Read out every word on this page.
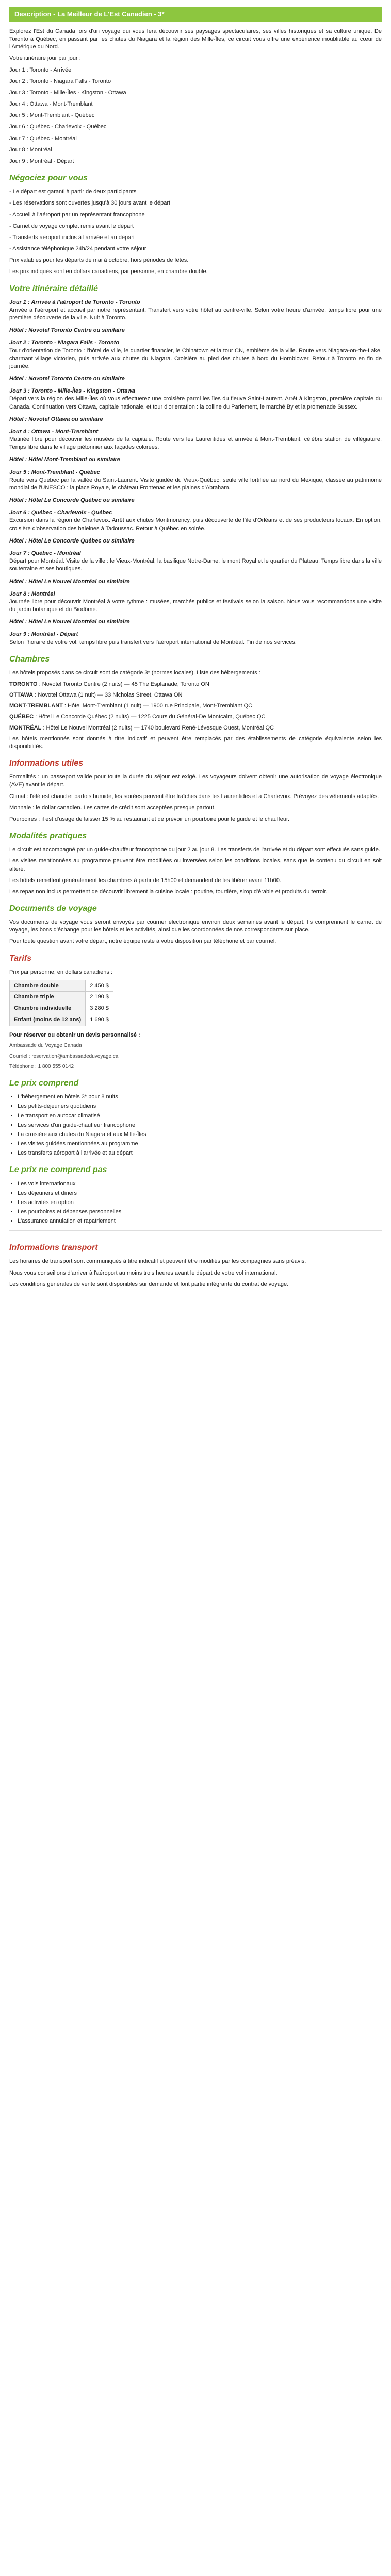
Description - La Meilleur de L'Est Canadien - 3*

Explorez l'Est du Canada lors d'un voyage qui vous fera découvrir ses paysages spectaculaires, ses villes historiques et sa culture unique. De Toronto à Québec, en passant par les chutes du Niagara et la région des Mille-Îles, ce circuit vous offre une expérience inoubliable au cœur de l'Amérique du Nord.

Votre itinéraire jour par jour :

Jour 1 : Toronto - Arrivée

Jour 2 : Toronto - Niagara Falls - Toronto

Jour 3 : Toronto - Mille-Îles - Kingston - Ottawa

Jour 4 : Ottawa - Mont-Tremblant

Jour 5 : Mont-Tremblant - Québec

Jour 6 : Québec - Charlevoix - Québec

Jour 7 : Québec - Montréal

Jour 8 : Montréal

Jour 9 : Montréal - Départ

Négociez pour vous

- Le départ est garanti à partir de deux participants

- Les réservations sont ouvertes jusqu'à 30 jours avant le départ

- Accueil à l'aéroport par un représentant francophone

- Carnet de voyage complet remis avant le départ

- Transferts aéroport inclus à l'arrivée et au départ

- Assistance téléphonique 24h/24 pendant votre séjour

Prix valables pour les départs de mai à octobre, hors périodes de fêtes.

Les prix indiqués sont en dollars canadiens, par personne, en chambre double.

Votre itinéraire détaillé
Jour 1 : Arrivée à l'aéroport de Toronto - Toronto
Arrivée à l'aéroport et accueil par notre représentant. Transfert vers votre hôtel au centre-ville. Selon votre heure d'arrivée, temps libre pour une première découverte de la ville. Nuit à Toronto.
Hôtel : Novotel Toronto Centre ou similaire
Jour 2 : Toronto - Niagara Falls - Toronto
Tour d'orientation de Toronto : l'hôtel de ville, le quartier financier, le Chinatown et la tour CN, emblème de la ville. Route vers Niagara-on-the-Lake, charmant village victorien, puis arrivée aux chutes du Niagara. Croisière au pied des chutes à bord du Hornblower. Retour à Toronto en fin de journée.
Hôtel : Novotel Toronto Centre ou similaire
Jour 3 : Toronto - Mille-Îles - Kingston - Ottawa
Départ vers la région des Mille-Îles où vous effectuerez une croisière parmi les îles du fleuve Saint-Laurent. Arrêt à Kingston, première capitale du Canada. Continuation vers Ottawa, capitale nationale, et tour d'orientation : la colline du Parlement, le marché By et la promenade Sussex.
Hôtel : Novotel Ottawa ou similaire
Jour 4 : Ottawa - Mont-Tremblant
Matinée libre pour découvrir les musées de la capitale. Route vers les Laurentides et arrivée à Mont-Tremblant, célèbre station de villégiature. Temps libre dans le village piétonnier aux façades colorées.
Hôtel : Hôtel Mont-Tremblant ou similaire
Jour 5 : Mont-Tremblant - Québec
Route vers Québec par la vallée du Saint-Laurent. Visite guidée du Vieux-Québec, seule ville fortifiée au nord du Mexique, classée au patrimoine mondial de l'UNESCO : la place Royale, le château Frontenac et les plaines d'Abraham.
Hôtel : Hôtel Le Concorde Québec ou similaire
Jour 6 : Québec - Charlevoix - Québec
Excursion dans la région de Charlevoix. Arrêt aux chutes Montmorency, puis découverte de l'île d'Orléans et de ses producteurs locaux. En option, croisière d'observation des baleines à Tadoussac. Retour à Québec en soirée.
Hôtel : Hôtel Le Concorde Québec ou similaire
Jour 7 : Québec - Montréal
Départ pour Montréal. Visite de la ville : le Vieux-Montréal, la basilique Notre-Dame, le mont Royal et le quartier du Plateau. Temps libre dans la ville souterraine et ses boutiques.
Hôtel : Hôtel Le Nouvel Montréal ou similaire
Jour 8 : Montréal
Journée libre pour découvrir Montréal à votre rythme : musées, marchés publics et festivals selon la saison. Nous vous recommandons une visite du jardin botanique et du Biodôme.
Hôtel : Hôtel Le Nouvel Montréal ou similaire
Jour 9 : Montréal - Départ
Selon l'horaire de votre vol, temps libre puis transfert vers l'aéroport international de Montréal. Fin de nos services.
Chambres

Les hôtels proposés dans ce circuit sont de catégorie 3* (normes locales). Liste des hébergements :

TORONTO : Novotel Toronto Centre (2 nuits) — 45 The Esplanade, Toronto ON

OTTAWA : Novotel Ottawa (1 nuit) — 33 Nicholas Street, Ottawa ON

MONT-TREMBLANT : Hôtel Mont-Tremblant (1 nuit) — 1900 rue Principale, Mont-Tremblant QC

QUÉBEC : Hôtel Le Concorde Québec (2 nuits) — 1225 Cours du Général-De Montcalm, Québec QC

MONTRÉAL : Hôtel Le Nouvel Montréal (2 nuits) — 1740 boulevard René-Lévesque Ouest, Montréal QC

Les hôtels mentionnés sont donnés à titre indicatif et peuvent être remplacés par des établissements de catégorie équivalente selon les disponibilités.

Informations utiles

Formalités : un passeport valide pour toute la durée du séjour est exigé. Les voyageurs doivent obtenir une autorisation de voyage électronique (AVE) avant le départ.

Climat : l'été est chaud et parfois humide, les soirées peuvent être fraîches dans les Laurentides et à Charlevoix. Prévoyez des vêtements adaptés.

Monnaie : le dollar canadien. Les cartes de crédit sont acceptées presque partout.

Pourboires : il est d'usage de laisser 15 % au restaurant et de prévoir un pourboire pour le guide et le chauffeur.

Modalités pratiques

Le circuit est accompagné par un guide-chauffeur francophone du jour 2 au jour 8. Les transferts de l'arrivée et du départ sont effectués sans guide.

Les visites mentionnées au programme peuvent être modifiées ou inversées selon les conditions locales, sans que le contenu du circuit en soit altéré.

Les hôtels remettent généralement les chambres à partir de 15h00 et demandent de les libérer avant 11h00.

Les repas non inclus permettent de découvrir librement la cuisine locale : poutine, tourtière, sirop d'érable et produits du terroir.

Documents de voyage

Vos documents de voyage vous seront envoyés par courrier électronique environ deux semaines avant le départ. Ils comprennent le carnet de voyage, les bons d'échange pour les hôtels et les activités, ainsi que les coordonnées de nos correspondants sur place.

Pour toute question avant votre départ, notre équipe reste à votre disposition par téléphone et par courriel.

Tarifs

Prix par personne, en dollars canadiens :

Chambre double	2 450 $
Chambre triple	2 190 $
Chambre individuelle	3 280 $
Enfant (moins de 12 ans)	1 690 $

Pour réserver ou obtenir un devis personnalisé :

Ambassade du Voyage Canada

Courriel : reservation@ambassadeduvoyage.ca

Téléphone : 1 800 555 0142

Le prix comprend
• L'hébergement en hôtels 3* pour 8 nuits
• Les petits-déjeuners quotidiens
• Le transport en autocar climatisé
• Les services d'un guide-chauffeur francophone
• La croisière aux chutes du Niagara et aux Mille-Îles
• Les visites guidées mentionnées au programme
• Les transferts aéroport à l'arrivée et au départ
Le prix ne comprend pas
• Les vols internationaux
• Les déjeuners et dîners
• Les activités en option
• Les pourboires et dépenses personnelles
• L'assurance annulation et rapatriement
Informations transport

Les horaires de transport sont communiqués à titre indicatif et peuvent être modifiés par les compagnies sans préavis.

Nous vous conseillons d'arriver à l'aéroport au moins trois heures avant le départ de votre vol international.

Les conditions générales de vente sont disponibles sur demande et font partie intégrante du contrat de voyage.
